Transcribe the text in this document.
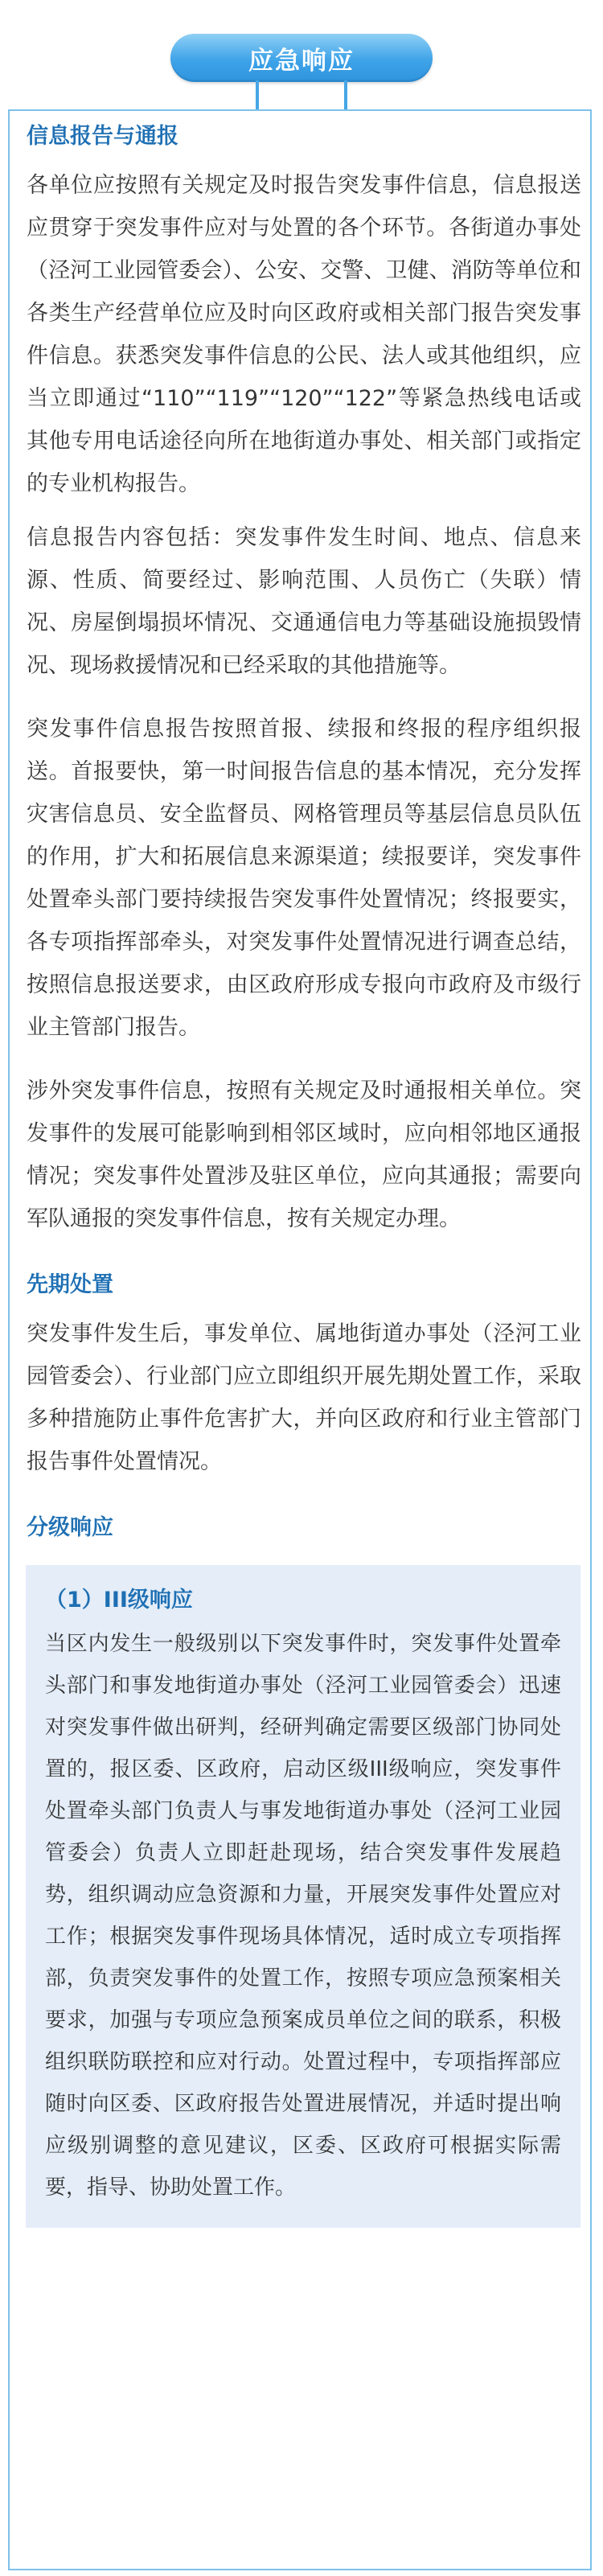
应急响应
信息报告与通报

各单位应按照有关规定及时报告突发事件信息，信息报送应贯穿于突发事件应对与处置的各个环节。各街道办事处（泾河工业园管委会）、公安、交警、卫健、消防等单位和各类生产经营单位应及时向区政府或相关部门报告突发事件信息。获悉突发事件信息的公民、法人或其他组织，应当立即通过“110”“119”“120”“122”等紧急热线电话或其他专用电话途径向所在地街道办事处、相关部门或指定的专业机构报告。

信息报告内容包括：突发事件发生时间、地点、信息来源、性质、简要经过、影响范围、人员伤亡（失联）情况、房屋倒塌损坏情况、交通通信电力等基础设施损毁情况、现场救援情况和已经采取的其他措施等。

突发事件信息报告按照首报、续报和终报的程序组织报送。首报要快，第一时间报告信息的基本情况，充分发挥灾害信息员、安全监督员、网格管理员等基层信息员队伍的作用，扩大和拓展信息来源渠道；续报要详，突发事件处置牵头部门要持续报告突发事件处置情况；终报要实，各专项指挥部牵头，对突发事件处置情况进行调查总结，按照信息报送要求，由区政府形成专报向市政府及市级行业主管部门报告。

涉外突发事件信息，按照有关规定及时通报相关单位。突发事件的发展可能影响到相邻区域时，应向相邻地区通报情况；突发事件处置涉及驻区单位，应向其通报；需要向军队通报的突发事件信息，按有关规定办理。

先期处置

突发事件发生后，事发单位、属地街道办事处（泾河工业园管委会）、行业部门应立即组织开展先期处置工作，采取多种措施防止事件危害扩大，并向区政府和行业主管部门报告事件处置情况。

分级响应
（1）III级响应

当区内发生一般级别以下突发事件时，突发事件处置牵头部门和事发地街道办事处（泾河工业园管委会）迅速对突发事件做出研判，经研判确定需要区级部门协同处置的，报区委、区政府，启动区级III级响应，突发事件处置牵头部门负责人与事发地街道办事处（泾河工业园管委会）负责人立即赶赴现场，结合突发事件发展趋势，组织调动应急资源和力量，开展突发事件处置应对工作；根据突发事件现场具体情况，适时成立专项指挥部，负责突发事件的处置工作，按照专项应急预案相关要求，加强与专项应急预案成员单位之间的联系，积极组织联防联控和应对行动。处置过程中，专项指挥部应随时向区委、区政府报告处置进展情况，并适时提出响应级别调整的意见建议，区委、区政府可根据实际需要，指导、协助处置工作。
